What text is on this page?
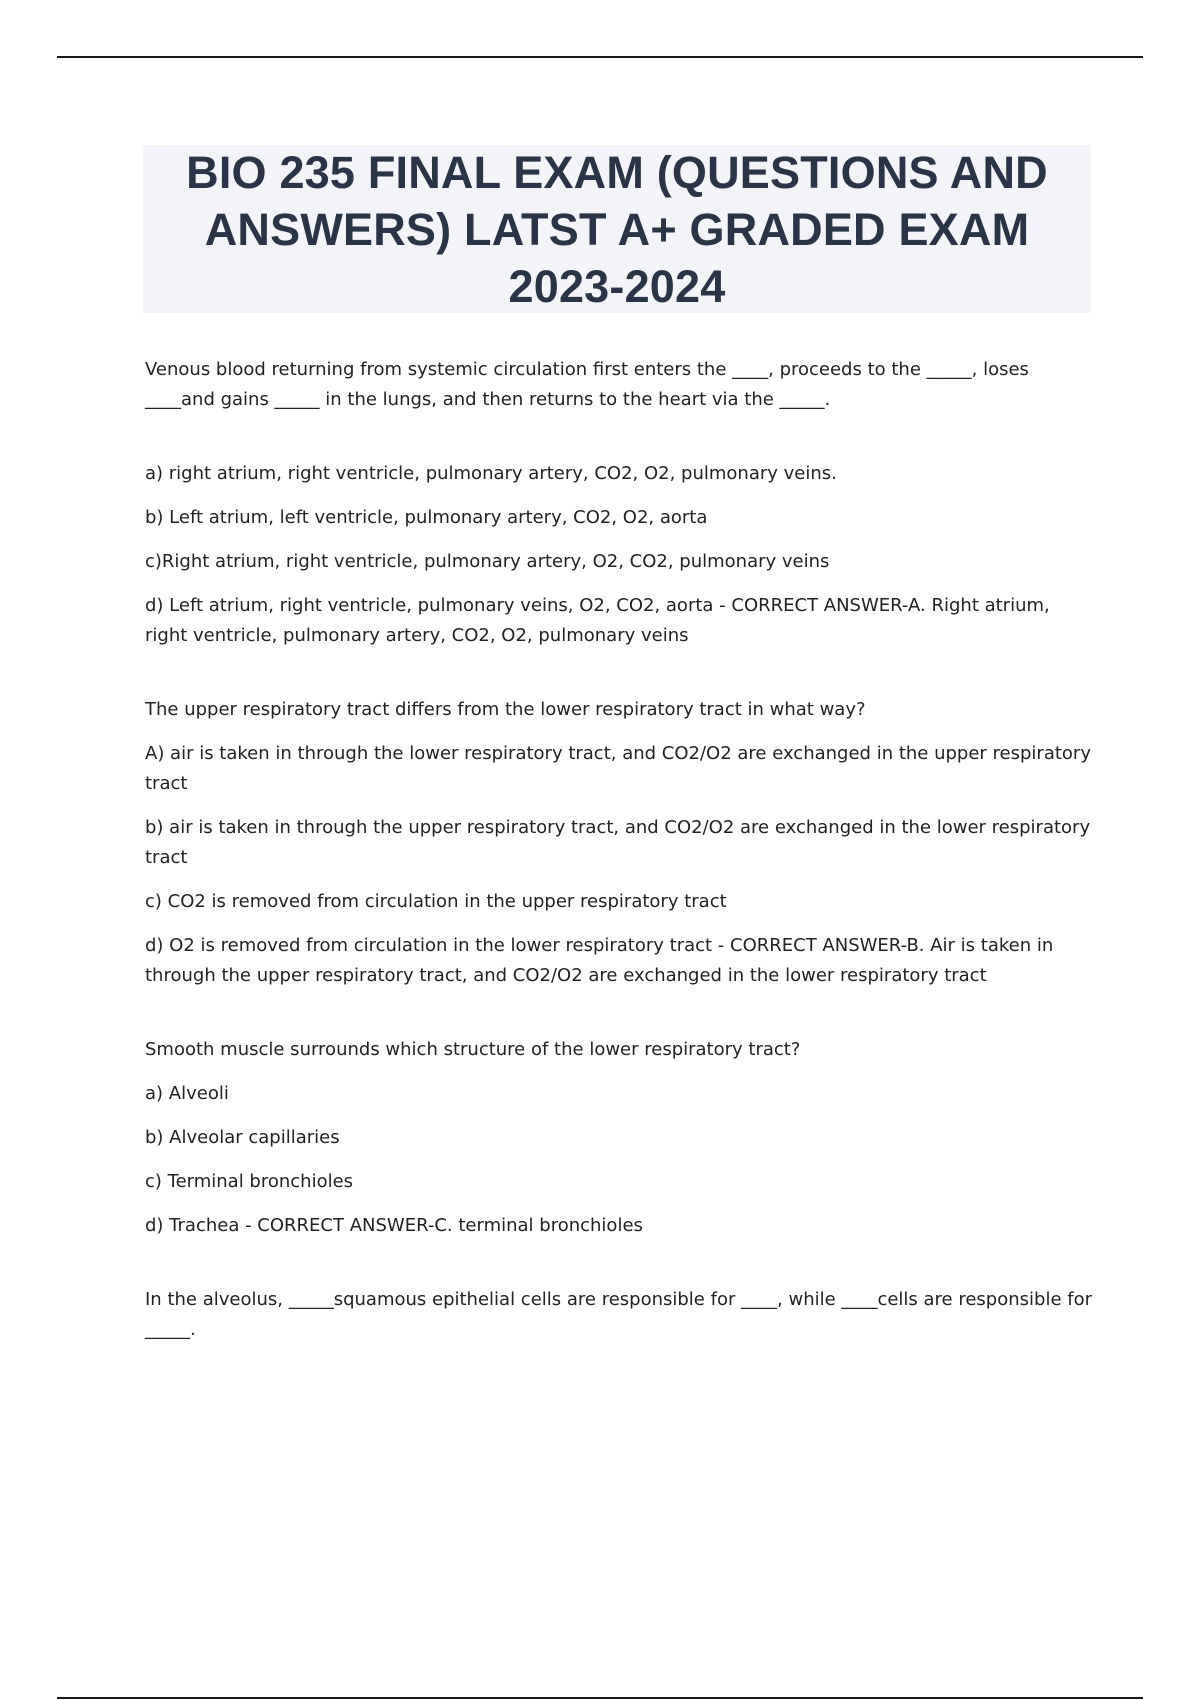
BIO 235 FINAL EXAM (QUESTIONS AND ANSWERS) LATST A+ GRADED EXAM 2023-2024

Venous blood returning from systemic circulation first enters the ____, proceeds to the _____, loses ____and gains _____ in the lungs, and then returns to the heart via the _____.

a) right atrium, right ventricle, pulmonary artery, CO2, O2, pulmonary veins.

b) Left atrium, left ventricle, pulmonary artery, CO2, O2, aorta

c)Right atrium, right ventricle, pulmonary artery, O2, CO2, pulmonary veins

d) Left atrium, right ventricle, pulmonary veins, O2, CO2, aorta - CORRECT ANSWER-A. Right atrium, right ventricle, pulmonary artery, CO2, O2, pulmonary veins

The upper respiratory tract differs from the lower respiratory tract in what way?

A) air is taken in through the lower respiratory tract, and CO2/O2 are exchanged in the upper respiratory tract

b) air is taken in through the upper respiratory tract, and CO2/O2 are exchanged in the lower respiratory tract

c) CO2 is removed from circulation in the upper respiratory tract

d) O2 is removed from circulation in the lower respiratory tract - CORRECT ANSWER-B. Air is taken in through the upper respiratory tract, and CO2/O2 are exchanged in the lower respiratory tract

Smooth muscle surrounds which structure of the lower respiratory tract?

a) Alveoli

b) Alveolar capillaries

c) Terminal bronchioles

d) Trachea - CORRECT ANSWER-C. terminal bronchioles

In the alveolus, _____squamous epithelial cells are responsible for ____, while ____cells are responsible for _____.
